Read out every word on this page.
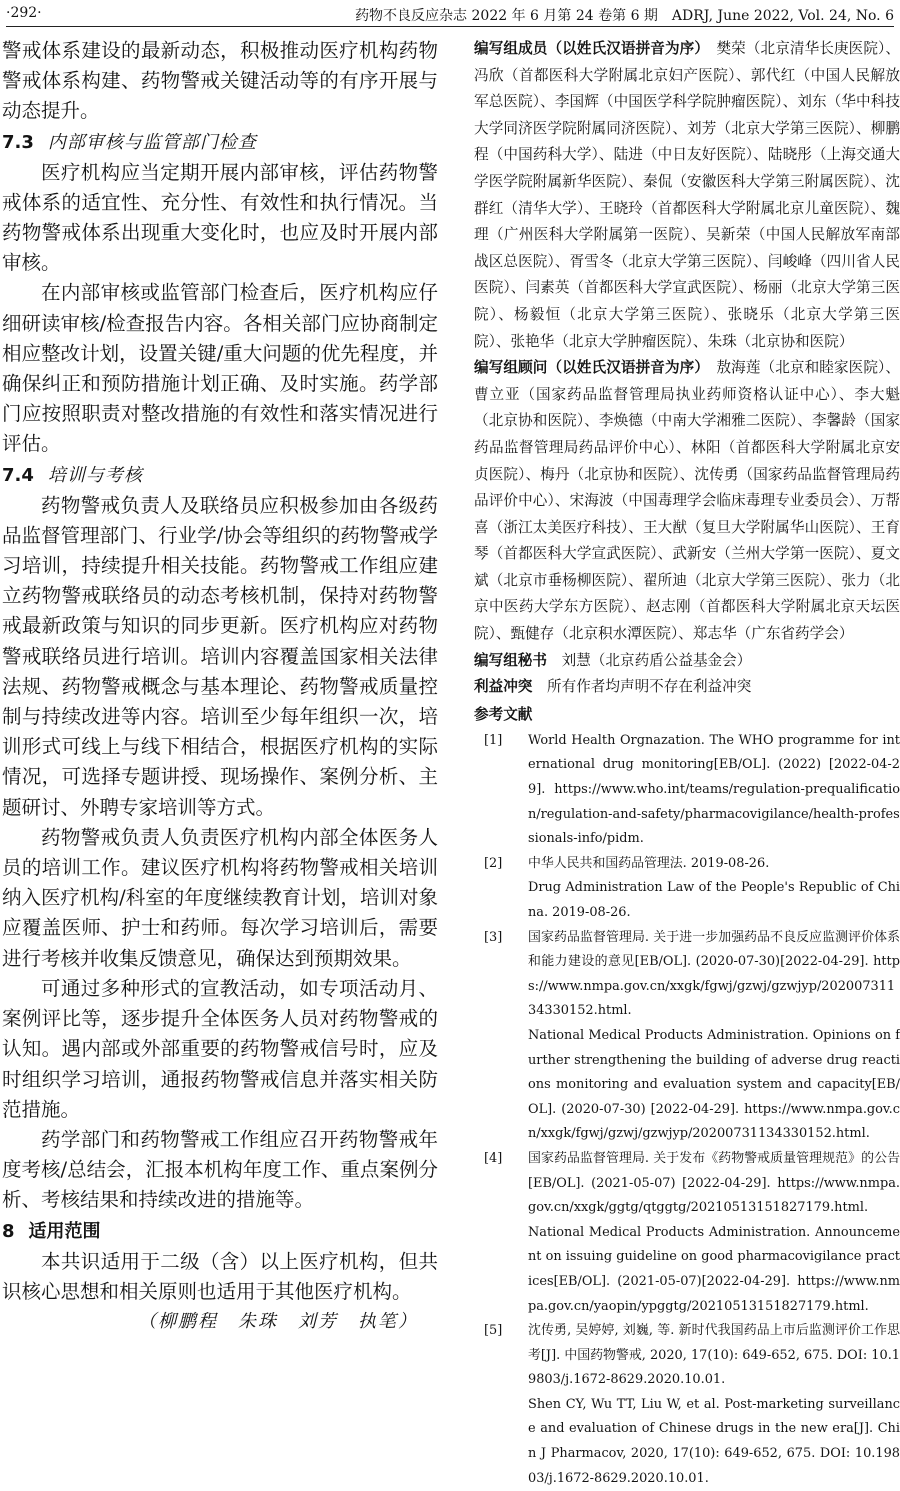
·292·	药物不良反应杂志 2022 年 6 月第 24 卷第 6 期　ADRJ, June 2022, Vol. 24, No. 6

警戒体系建设的最新动态，积极推动医疗机构药物警戒体系构建、药物警戒关键活动等的有序开展与动态提升。

7.3 内部审核与监管部门检查

医疗机构应当定期开展内部审核，评估药物警戒体系的适宜性、充分性、有效性和执行情况。当药物警戒体系出现重大变化时，也应及时开展内部审核。

在内部审核或监管部门检查后，医疗机构应仔细研读审核/检查报告内容。各相关部门应协商制定相应整改计划，设置关键/重大问题的优先程度，并确保纠正和预防措施计划正确、及时实施。药学部门应按照职责对整改措施的有效性和落实情况进行评估。

7.4 培训与考核

药物警戒负责人及联络员应积极参加由各级药品监督管理部门、行业学/协会等组织的药物警戒学习培训，持续提升相关技能。药物警戒工作组应建立药物警戒联络员的动态考核机制，保持对药物警戒最新政策与知识的同步更新。医疗机构应对药物警戒联络员进行培训。培训内容覆盖国家相关法律法规、药物警戒概念与基本理论、药物警戒质量控制与持续改进等内容。培训至少每年组织一次，培训形式可线上与线下相结合，根据医疗机构的实际情况，可选择专题讲授、现场操作、案例分析、主题研讨、外聘专家培训等方式。

药物警戒负责人负责医疗机构内部全体医务人员的培训工作。建议医疗机构将药物警戒相关培训纳入医疗机构/科室的年度继续教育计划，培训对象应覆盖医师、护士和药师。每次学习培训后，需要进行考核并收集反馈意见，确保达到预期效果。

可通过多种形式的宣教活动，如专项活动月、案例评比等，逐步提升全体医务人员对药物警戒的认知。遇内部或外部重要的药物警戒信号时，应及时组织学习培训，通报药物警戒信息并落实相关防范措施。

药学部门和药物警戒工作组应召开药物警戒年度考核/总结会，汇报本机构年度工作、重点案例分析、考核结果和持续改进的措施等。

8 适用范围

本共识适用于二级（含）以上医疗机构，但共识核心思想和相关原则也适用于其他医疗机构。

（柳鹏程　朱珠　刘芳　执笔）

编写组成员（以姓氏汉语拼音为序）　 樊荣（北京清华长庚医院）、冯欣（首都医科大学附属北京妇产医院）、郭代红（中国人民解放军总医院）、李国辉（中国医学科学院肿瘤医院）、刘东（华中科技大学同济医学院附属同济医院）、刘芳（北京大学第三医院）、柳鹏程（中国药科大学）、陆进（中日友好医院）、陆晓彤（上海交通大学医学院附属新华医院）、秦侃（安徽医科大学第三附属医院）、沈群红（清华大学）、王晓玲（首都医科大学附属北京儿童医院）、魏理（广州医科大学附属第一医院）、吴新荣（中国人民解放军南部战区总医院）、胥雪冬（北京大学第三医院）、闫峻峰（四川省人民医院）、闫素英（首都医科大学宣武医院）、杨丽（北京大学第三医院）、杨毅恒（北京大学第三医院）、张晓乐（北京大学第三医院）、张艳华（北京大学肿瘤医院）、朱珠（北京协和医院）

编写组顾问（以姓氏汉语拼音为序）　 敖海莲（北京和睦家医院）、曹立亚（国家药品监督管理局执业药师资格认证中心）、李大魁（北京协和医院）、李焕德（中南大学湘雅二医院）、李馨龄（国家药品监督管理局药品评价中心）、林阳（首都医科大学附属北京安贞医院）、梅丹（北京协和医院）、沈传勇（国家药品监督管理局药品评价中心）、宋海波（中国毒理学会临床毒理专业委员会）、万帮喜（浙江太美医疗科技）、王大猷（复旦大学附属华山医院）、王育琴（首都医科大学宣武医院）、武新安（兰州大学第一医院）、夏文斌（北京市垂杨柳医院）、翟所迪（北京大学第三医院）、张力（北京中医药大学东方医院）、赵志刚（首都医科大学附属北京天坛医院）、甄健存（北京积水潭医院）、郑志华（广东省药学会）

编写组秘书　 刘慧（北京药盾公益基金会）

利益冲突　 所有作者均声明不存在利益冲突

参考文献

[1]	World Health Orgnazation. The WHO programme for international drug monitoring[EB/OL]. (2022) [2022-04-29]. https://www.who.int/teams/regulation-prequalification/regulation-and-safety/pharmacovigilance/health-professionals-info/pidm.
[2]	中华人民共和国药品管理法. 2019-08-26.
Drug Administration Law of the People's Republic of China. 2019-08-26.
[3]	国家药品监督管理局. 关于进一步加强药品不良反应监测评价体系和能力建设的意见[EB/OL]. (2020-07-30)[2022-04-29]. https://www.nmpa.gov.cn/xxgk/fgwj/gzwj/gzwjyp/20200731134330152.html.
National Medical Products Administration. Opinions on further strengthening the building of adverse drug reactions monitoring and evaluation system and capacity[EB/OL]. (2020-07-30) [2022-04-29]. https://www.nmpa.gov.cn/xxgk/fgwj/gzwj/gzwjyp/20200731134330152.html.
[4]	国家药品监督管理局. 关于发布《药物警戒质量管理规范》的公告[EB/OL]. (2021-05-07) [2022-04-29]. https://www.nmpa.gov.cn/xxgk/ggtg/qtggtg/20210513151827179.html.
National Medical Products Administration. Announcement on issuing guideline on good pharmacovigilance practices[EB/OL]. (2021-05-07)[2022-04-29]. https://www.nmpa.gov.cn/yaopin/ypggtg/20210513151827179.html.
[5]	沈传勇, 吴婷婷, 刘巍, 等. 新时代我国药品上市后监测评价工作思考[J]. 中国药物警戒, 2020, 17(10): 649-652, 675. DOI: 10.19803/j.1672-8629.2020.10.01.
Shen CY, Wu TT, Liu W, et al. Post-marketing surveillance and evaluation of Chinese drugs in the new era[J]. Chin J Pharmacov, 2020, 17(10): 649-652, 675. DOI: 10.19803/j.1672-8629.2020.10.01.
